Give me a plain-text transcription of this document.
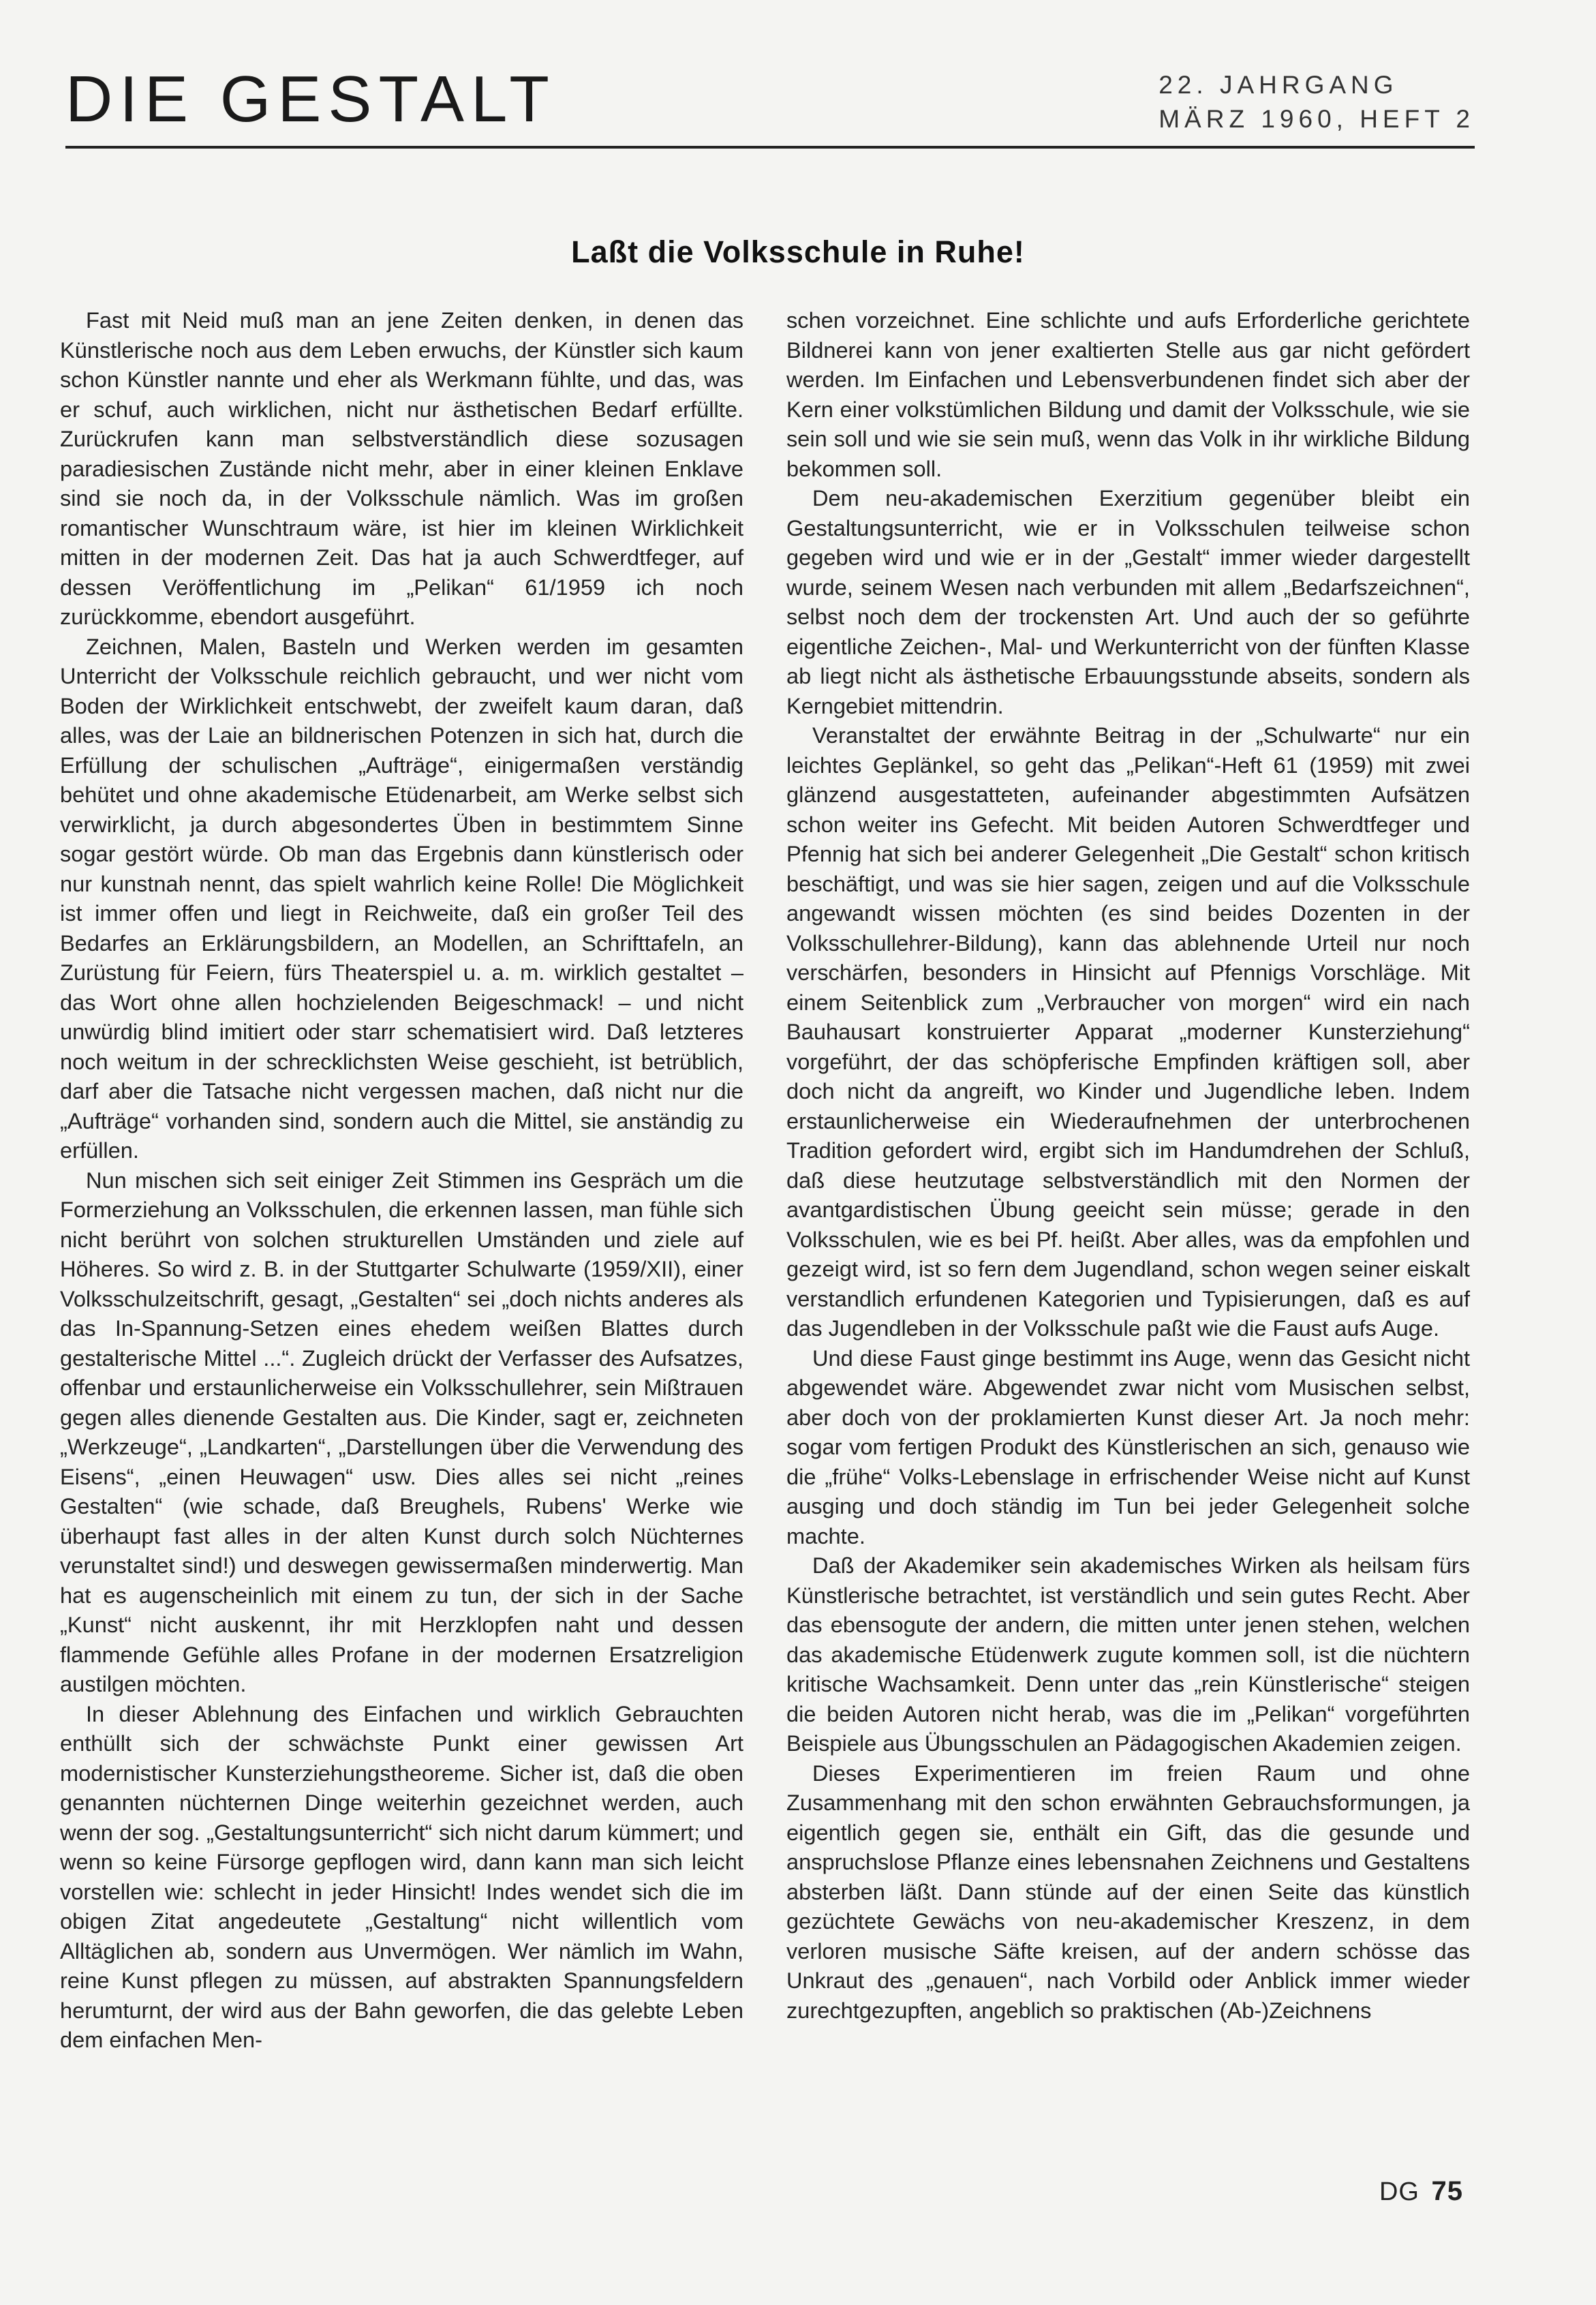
DIE GESTALT	22. JAHRGANG
MÄRZ 1960, HEFT 2
Laßt die Volksschule in Ruhe!

Fast mit Neid muß man an jene Zeiten denken, in denen das Künstlerische noch aus dem Leben erwuchs, der Künstler sich kaum schon Künstler nannte und eher als Werkmann fühlte, und das, was er schuf, auch wirklichen, nicht nur ästhetischen Bedarf erfüllte. Zurückrufen kann man selbstverständlich diese sozusagen paradiesischen Zustände nicht mehr, aber in einer kleinen Enklave sind sie noch da, in der Volksschule nämlich. Was im großen romantischer Wunschtraum wäre, ist hier im kleinen Wirklichkeit mitten in der modernen Zeit. Das hat ja auch Schwerdtfeger, auf dessen Veröffentlichung im „Pelikan“ 61/1959 ich noch zurückkomme, ebendort ausgeführt.

Zeichnen, Malen, Basteln und Werken werden im gesamten Unterricht der Volksschule reichlich gebraucht, und wer nicht vom Boden der Wirklichkeit entschwebt, der zweifelt kaum daran, daß alles, was der Laie an bildnerischen Potenzen in sich hat, durch die Erfüllung der schulischen „Aufträge“, einigermaßen verständig behütet und ohne akademische Etüdenarbeit, am Werke selbst sich verwirklicht, ja durch abgesondertes Üben in bestimmtem Sinne sogar gestört würde. Ob man das Ergebnis dann künstlerisch oder nur kunstnah nennt, das spielt wahrlich keine Rolle! Die Möglichkeit ist immer offen und liegt in Reichweite, daß ein großer Teil des Bedarfes an Erklärungsbildern, an Modellen, an Schrifttafeln, an Zurüstung für Feiern, fürs Theaterspiel u. a. m. wirklich gestaltet – das Wort ohne allen hochzielenden Beigeschmack! – und nicht unwürdig blind imitiert oder starr schematisiert wird. Daß letzteres noch weitum in der schrecklichsten Weise geschieht, ist betrüblich, darf aber die Tatsache nicht vergessen machen, daß nicht nur die „Aufträge“ vorhanden sind, sondern auch die Mittel, sie anständig zu erfüllen.

Nun mischen sich seit einiger Zeit Stimmen ins Gespräch um die Formerziehung an Volksschulen, die erkennen lassen, man fühle sich nicht berührt von solchen strukturellen Umständen und ziele auf Höheres. So wird z. B. in der Stuttgarter Schulwarte (1959/XII), einer Volksschulzeitschrift, gesagt, „Gestalten“ sei „doch nichts anderes als das In-Spannung-Setzen eines ehedem weißen Blattes durch gestalterische Mittel ...“. Zugleich drückt der Verfasser des Aufsatzes, offenbar und erstaunlicherweise ein Volksschullehrer, sein Mißtrauen gegen alles dienende Gestalten aus. Die Kinder, sagt er, zeichneten „Werkzeuge“, „Landkarten“, „Darstellungen über die Verwendung des Eisens“, „einen Heuwagen“ usw. Dies alles sei nicht „reines Gestalten“ (wie schade, daß Breughels, Rubens' Werke wie überhaupt fast alles in der alten Kunst durch solch Nüchternes verunstaltet sind!) und deswegen gewissermaßen minderwertig. Man hat es augenscheinlich mit einem zu tun, der sich in der Sache „Kunst“ nicht auskennt, ihr mit Herzklopfen naht und dessen flammende Gefühle alles Profane in der modernen Ersatzreligion austilgen möchten.

In dieser Ablehnung des Einfachen und wirklich Gebrauchten enthüllt sich der schwächste Punkt einer gewissen Art modernistischer Kunsterziehungstheoreme. Sicher ist, daß die oben genannten nüchternen Dinge weiterhin gezeichnet werden, auch wenn der sog. „Gestaltungsunterricht“ sich nicht darum kümmert; und wenn so keine Fürsorge gepflogen wird, dann kann man sich leicht vorstellen wie: schlecht in jeder Hinsicht! Indes wendet sich die im obigen Zitat angedeutete „Gestaltung“ nicht willentlich vom Alltäglichen ab, sondern aus Unvermögen. Wer nämlich im Wahn, reine Kunst pflegen zu müssen, auf abstrakten Spannungsfeldern herumturnt, der wird aus der Bahn geworfen, die das gelebte Leben dem einfachen Men-

schen vorzeichnet. Eine schlichte und aufs Erforderliche gerichtete Bildnerei kann von jener exaltierten Stelle aus gar nicht gefördert werden. Im Einfachen und Lebensverbundenen findet sich aber der Kern einer volkstümlichen Bildung und damit der Volksschule, wie sie sein soll und wie sie sein muß, wenn das Volk in ihr wirkliche Bildung bekommen soll.

Dem neu-akademischen Exerzitium gegenüber bleibt ein Gestaltungsunterricht, wie er in Volksschulen teilweise schon gegeben wird und wie er in der „Gestalt“ immer wieder dargestellt wurde, seinem Wesen nach verbunden mit allem „Bedarfszeichnen“, selbst noch dem der trockensten Art. Und auch der so geführte eigentliche Zeichen-, Mal- und Werkunterricht von der fünften Klasse ab liegt nicht als ästhetische Erbauungsstunde abseits, sondern als Kerngebiet mittendrin.

Veranstaltet der erwähnte Beitrag in der „Schulwarte“ nur ein leichtes Geplänkel, so geht das „Pelikan“-Heft 61 (1959) mit zwei glänzend ausgestatteten, aufeinander abgestimmten Aufsätzen schon weiter ins Gefecht. Mit beiden Autoren Schwerdtfeger und Pfennig hat sich bei anderer Gelegenheit „Die Gestalt“ schon kritisch beschäftigt, und was sie hier sagen, zeigen und auf die Volksschule angewandt wissen möchten (es sind beides Dozenten in der Volksschullehrer-Bildung), kann das ablehnende Urteil nur noch verschärfen, besonders in Hinsicht auf Pfennigs Vorschläge. Mit einem Seitenblick zum „Verbraucher von morgen“ wird ein nach Bauhausart konstruierter Apparat „moderner Kunsterziehung“ vorgeführt, der das schöpferische Empfinden kräftigen soll, aber doch nicht da angreift, wo Kinder und Jugendliche leben. Indem erstaunlicherweise ein Wiederaufnehmen der unterbrochenen Tradition gefordert wird, ergibt sich im Handumdrehen der Schluß, daß diese heutzutage selbstverständlich mit den Normen der avantgardistischen Übung geeicht sein müsse; gerade in den Volksschulen, wie es bei Pf. heißt. Aber alles, was da empfohlen und gezeigt wird, ist so fern dem Jugendland, schon wegen seiner eiskalt verstandlich erfundenen Kategorien und Typisierungen, daß es auf das Jugendleben in der Volksschule paßt wie die Faust aufs Auge.

Und diese Faust ginge bestimmt ins Auge, wenn das Gesicht nicht abgewendet wäre. Abgewendet zwar nicht vom Musischen selbst, aber doch von der proklamierten Kunst dieser Art. Ja noch mehr: sogar vom fertigen Produkt des Künstlerischen an sich, genauso wie die „frühe“ Volks-Lebenslage in erfrischender Weise nicht auf Kunst ausging und doch ständig im Tun bei jeder Gelegenheit solche machte.

Daß der Akademiker sein akademisches Wirken als heilsam fürs Künstlerische betrachtet, ist verständlich und sein gutes Recht. Aber das ebensogute der andern, die mitten unter jenen stehen, welchen das akademische Etüdenwerk zugute kommen soll, ist die nüchtern kritische Wachsamkeit. Denn unter das „rein Künstlerische“ steigen die beiden Autoren nicht herab, was die im „Pelikan“ vorgeführten Beispiele aus Übungsschulen an Pädagogischen Akademien zeigen.

Dieses Experimentieren im freien Raum und ohne Zusammenhang mit den schon erwähnten Gebrauchsformungen, ja eigentlich gegen sie, enthält ein Gift, das die gesunde und anspruchslose Pflanze eines lebensnahen Zeichnens und Gestaltens absterben läßt. Dann stünde auf der einen Seite das künstlich gezüchtete Gewächs von neu-akademischer Kreszenz, in dem verloren musische Säfte kreisen, auf der andern schösse das Unkraut des „genauen“, nach Vorbild oder Anblick immer wieder zurechtgezupften, angeblich so praktischen (Ab-)Zeichnens

DG 75
